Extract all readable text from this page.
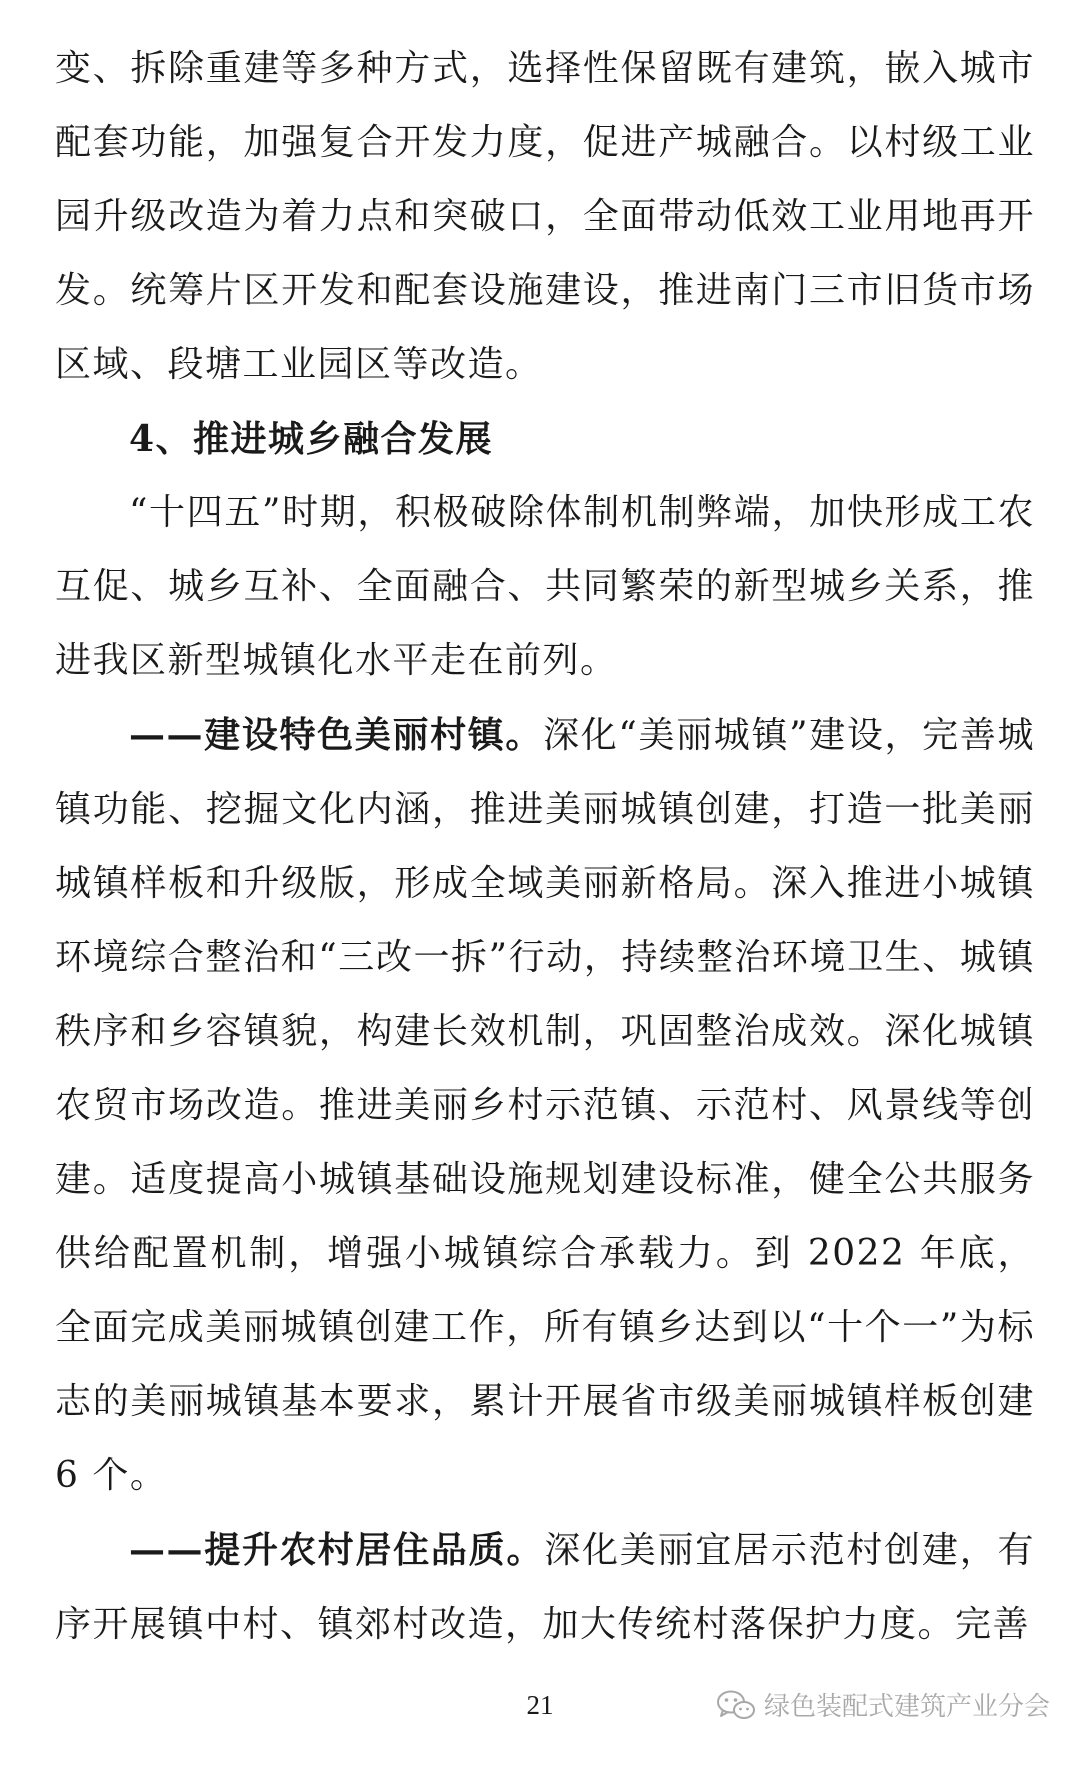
变、拆除重建等多种方式，选择性保留既有建筑，嵌入城市配套功能，加强复合开发力度，促进产城融合。以村级工业园升级改造为着力点和突破口，全面带动低效工业用地再开发。统筹片区开发和配套设施建设，推进南门三市旧货市场区域、段塘工业园区等改造。

4、推进城乡融合发展

“十四五”时期，积极破除体制机制弊端，加快形成工农互促、城乡互补、全面融合、共同繁荣的新型城乡关系，推进我区新型城镇化水平走在前列。

——建设特色美丽村镇。深化“美丽城镇”建设，完善城镇功能、挖掘文化内涵，推进美丽城镇创建，打造一批美丽城镇样板和升级版，形成全域美丽新格局。深入推进小城镇环境综合整治和“三改一拆”行动，持续整治环境卫生、城镇秩序和乡容镇貌，构建长效机制，巩固整治成效。深化城镇农贸市场改造。推进美丽乡村示范镇、示范村、风景线等创建。适度提高小城镇基础设施规划建设标准，健全公共服务供给配置机制，增强小城镇综合承载力。到 2022 年底，全面完成美丽城镇创建工作，所有镇乡达到以“十个一”为标志的美丽城镇基本要求，累计开展省市级美丽城镇样板创建 6 个。

——提升农村居住品质。深化美丽宜居示范村创建，有序开展镇中村、镇郊村改造，加大传统村落保护力度。完善

21	绿色装配式建筑产业分会
